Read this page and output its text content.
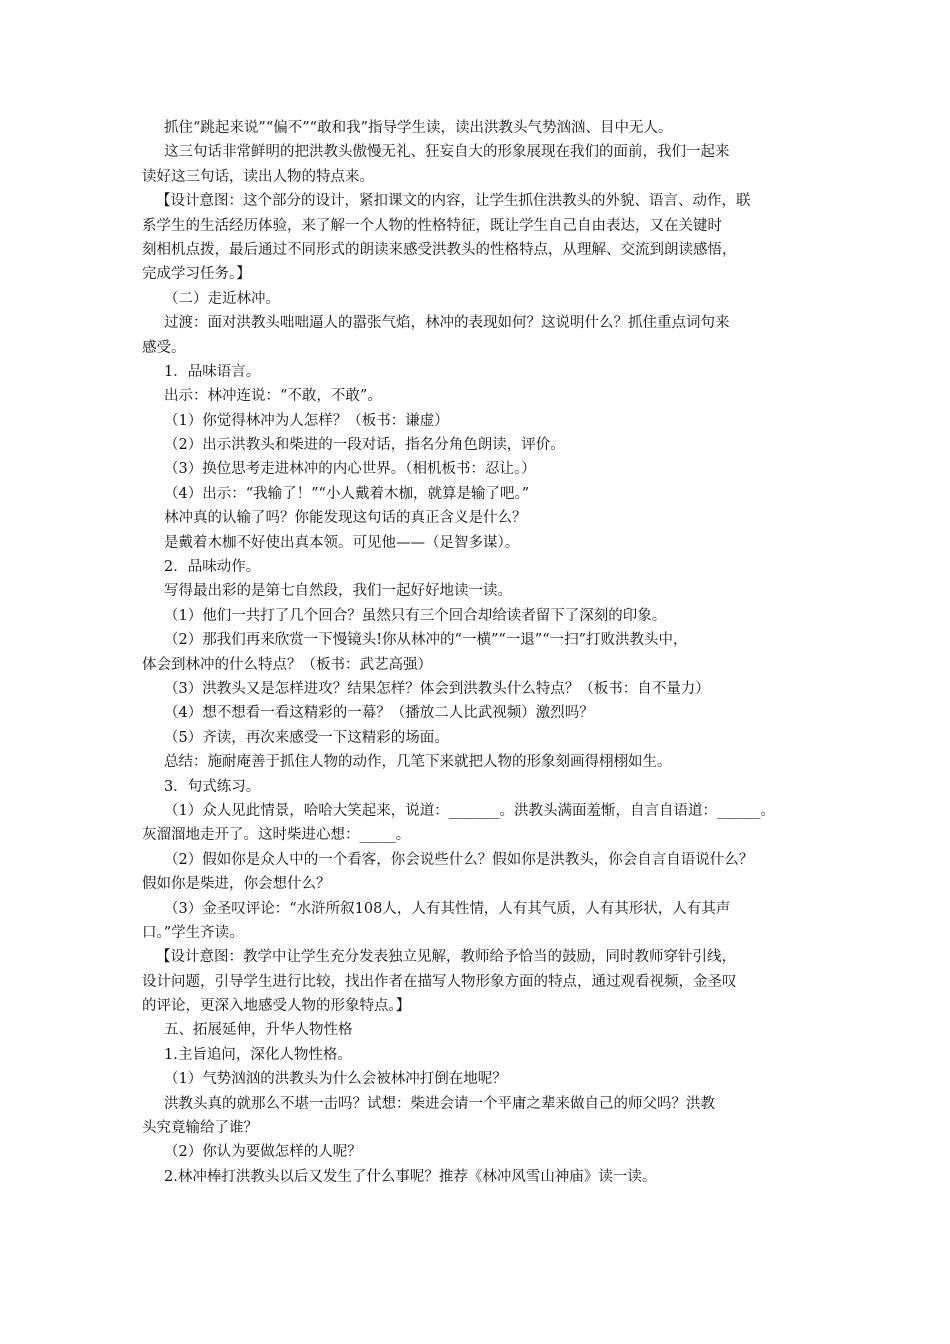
抓住“跳起来说”“偏不”“敢和我”指导学生读，读出洪教头气势汹汹、目中无人。
这三句话非常鲜明的把洪教头傲慢无礼、狂妄自大的形象展现在我们的面前，我们一起来
读好这三句话，读出人物的特点来。
【设计意图：这个部分的设计，紧扣课文的内容，让学生抓住洪教头的外貌、语言、动作，联
系学生的生活经历体验，来了解一个人物的性格特征，既让学生自己自由表达，又在关键时
刻相机点拨，最后通过不同形式的朗读来感受洪教头的性格特点，从理解、交流到朗读感悟，
完成学习任务。】
（二）走近林冲。
过渡：面对洪教头咄咄逼人的嚣张气焰，林冲的表现如何？这说明什么？抓住重点词句来
感受。
1．品味语言。
出示：林冲连说：“不敢，不敢”。
（1）你觉得林冲为人怎样？（板书：谦虚）
（2）出示洪教头和柴进的一段对话，指名分角色朗读，评价。
（3）换位思考走进林冲的内心世界。（相机板书：忍让。）
（4）出示：“我输了！”“小人戴着木枷，就算是输了吧。”
林冲真的认输了吗？你能发现这句话的真正含义是什么？
是戴着木枷不好使出真本领。可见他——（足智多谋）。
2．品味动作。
写得最出彩的是第七自然段，我们一起好好地读一读。
（1）他们一共打了几个回合？虽然只有三个回合却给读者留下了深刻的印象。
（2）那我们再来欣赏一下慢镜头!你从林冲的“一横”“一退”“一扫”打败洪教头中，
体会到林冲的什么特点？（板书：武艺高强）
（3）洪教头又是怎样进攻？结果怎样？体会到洪教头什么特点？（板书：自不量力）
（4）想不想看一看这精彩的一幕？（播放二人比武视频）激烈吗？
（5）齐读，再次来感受一下这精彩的场面。
总结：施耐庵善于抓住人物的动作，几笔下来就把人物的形象刻画得栩栩如生。
3．句式练习。
（1）众人见此情景，哈哈大笑起来，说道：_______。洪教头满面羞惭，自言自语道：______。
灰溜溜地走开了。这时柴进心想：_____。
（2）假如你是众人中的一个看客，你会说些什么？假如你是洪教头，你会自言自语说什么？
假如你是柴进，你会想什么？
（3）金圣叹评论：“水浒所叙108人，人有其性情，人有其气质，人有其形状，人有其声
口。”学生齐读。
【设计意图：教学中让学生充分发表独立见解，教师给予恰当的鼓励，同时教师穿针引线，
设计问题，引导学生进行比较，找出作者在描写人物形象方面的特点，通过观看视频，金圣叹
的评论，更深入地感受人物的形象特点。】
五、拓展延伸，升华人物性格
1.主旨追问，深化人物性格。
（1）气势汹汹的洪教头为什么会被林冲打倒在地呢？
洪教头真的就那么不堪一击吗？试想：柴进会请一个平庸之辈来做自己的师父吗？洪教
头究竟输给了谁？
（2）你认为要做怎样的人呢？
2.林冲棒打洪教头以后又发生了什么事呢？推荐《林冲风雪山神庙》读一读。
